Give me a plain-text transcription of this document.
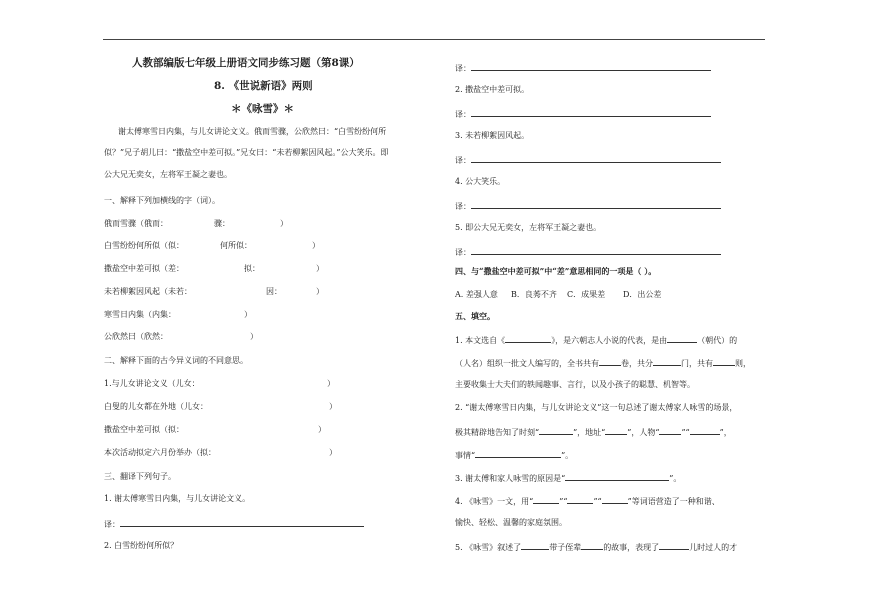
人教部编版七年级上册语文同步练习题（第8课）
8. 《世说新语》两则
＊《咏雪》＊
谢太傅寒雪日内集，与儿女讲论文义。俄而雪骤，公欣然曰：“白雪纷纷何所
似？”兄子胡儿曰：“撒盐空中差可拟。”兄女曰：“未若柳絮因风起。”公大笑乐。即
公大兄无奕女，左将军王凝之妻也。
一、解释下列加横线的字（词）。
俄而雪骤（俄而：	骤：	）
白雪纷纷何所似（似：	何所似：	）
撒盐空中差可拟（差：	拟：	）
未若柳絮因风起（未若：	因：	）
寒雪日内集（内集：	）
公欣然曰（欣然：	）
二、解释下面的古今异义词的不同意思。
1.与儿女讲论文义（儿女：	）
白叟的儿女都在外地（儿女：	）
撒盐空中差可拟（拟：	）
本次活动拟定六月份举办（拟：	）
三、翻译下列句子。
1. 谢太傅寒雪日内集，与儿女讲论文义。
译：
2. 白雪纷纷何所似？
译：
2. 撒盐空中差可拟。
译：
3. 未若柳絮因风起。
译：
4. 公大笑乐。
译：
5. 即公大兄无奕女，左将军王凝之妻也。
译：
四、与“撒盐空中差可拟”中“差”意思相同的一项是（ ）。
A. 差强人意 B．良莠不齐 C．成果差 D．出公差
五、填空。
1. 本文选自《	》，是六朝志人小说的代表，是由	（朝代）的
（人名）组织一批文人编写的，全书共有	卷，共分	门，共有	则，
主要收集士大夫们的轶闻趣事、言行，以及小孩子的聪慧、机智等。
2. “谢太傅寒雪日内集，与儿女讲论文义”这一句总述了谢太傅家人咏雪的场景，
极其精辟地告知了时刻“	”，地址“	”，人物“	”“	”，
事情“	”。
3. 谢太傅和家人咏雪的原因是“	”。
4. 《咏雪》一文，用“	”“	”“	”等词语营造了一种和谐、
愉快、轻松、温馨的家庭氛围。
5. 《咏雪》叙述了	带子侄辈	的故事，表现了	儿时过人的才
